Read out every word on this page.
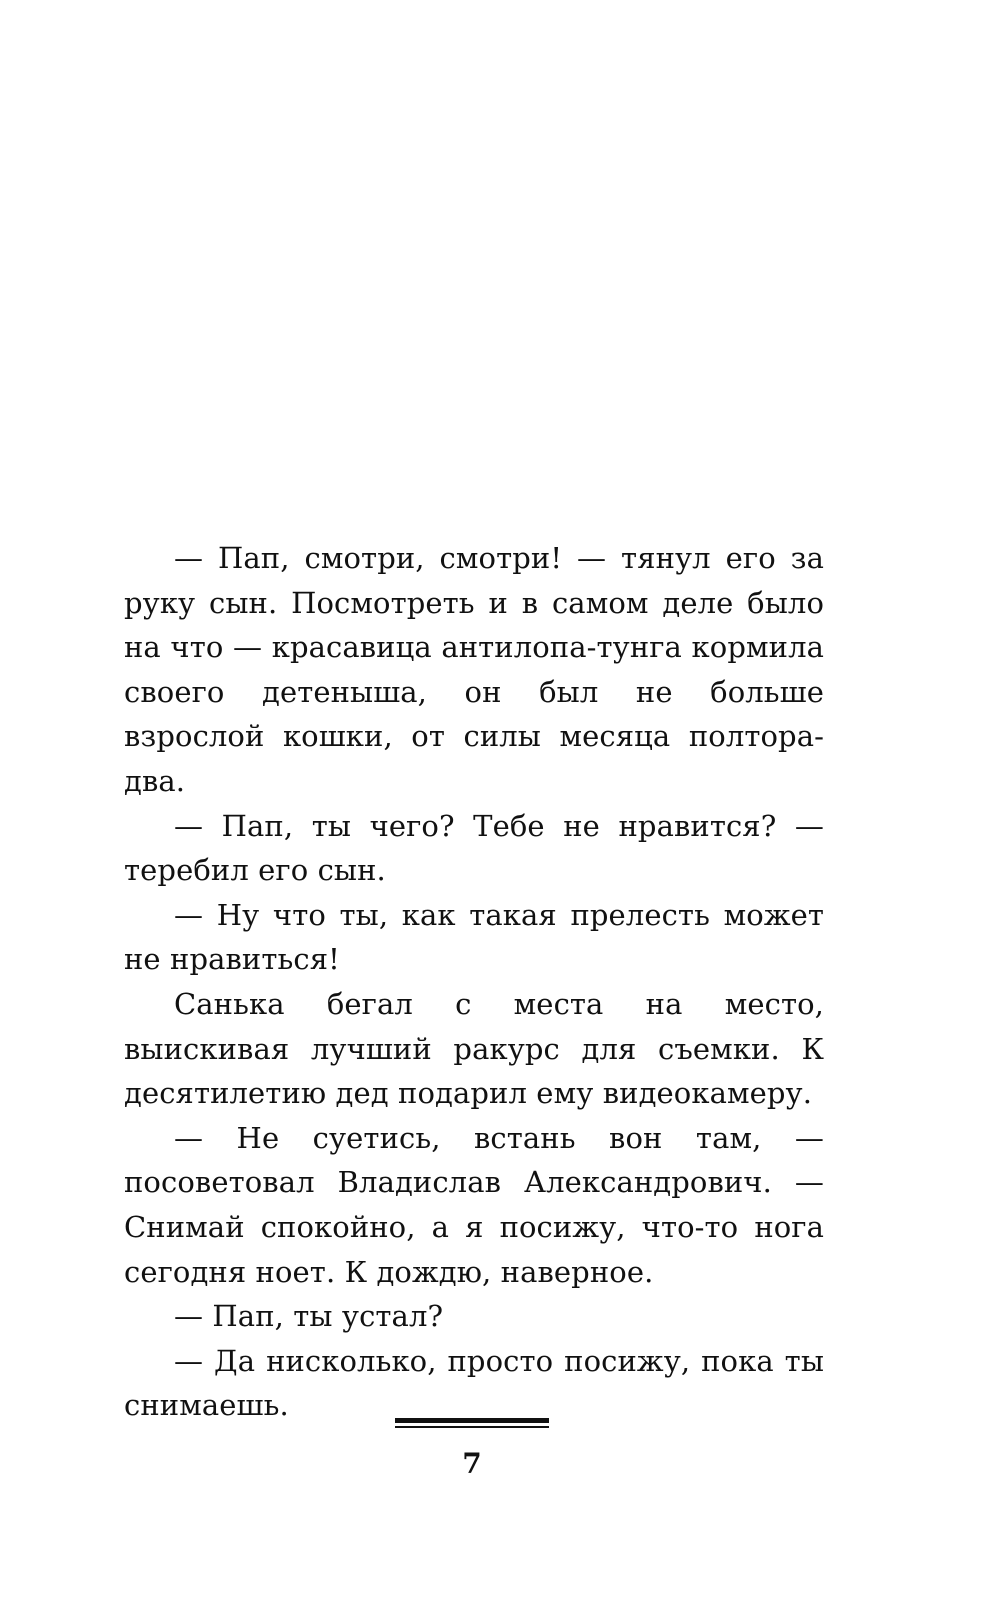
— Пап, смотри, смотри! — тянул его за руку сын. Посмотреть и в самом деле было на что — красавица антилопа-тунга кормила своего детеныша, он был не больше взрослой кошки, от силы месяца полтора-два.

— Пап, ты чего? Тебе не нравится? — теребил его сын.

— Ну что ты, как такая прелесть может не нравиться!

Санька бегал с места на место, выискивая лучший ракурс для съемки. К десятилетию дед подарил ему видеокамеру.

— Не суетись, встань вон там, — посоветовал Владислав Александрович. — Снимай спокойно, а я посижу, что-то нога сегодня ноет. К дождю, наверное.

— Пап, ты устал?

— Да нисколько, просто посижу, пока ты снимаешь.

7
